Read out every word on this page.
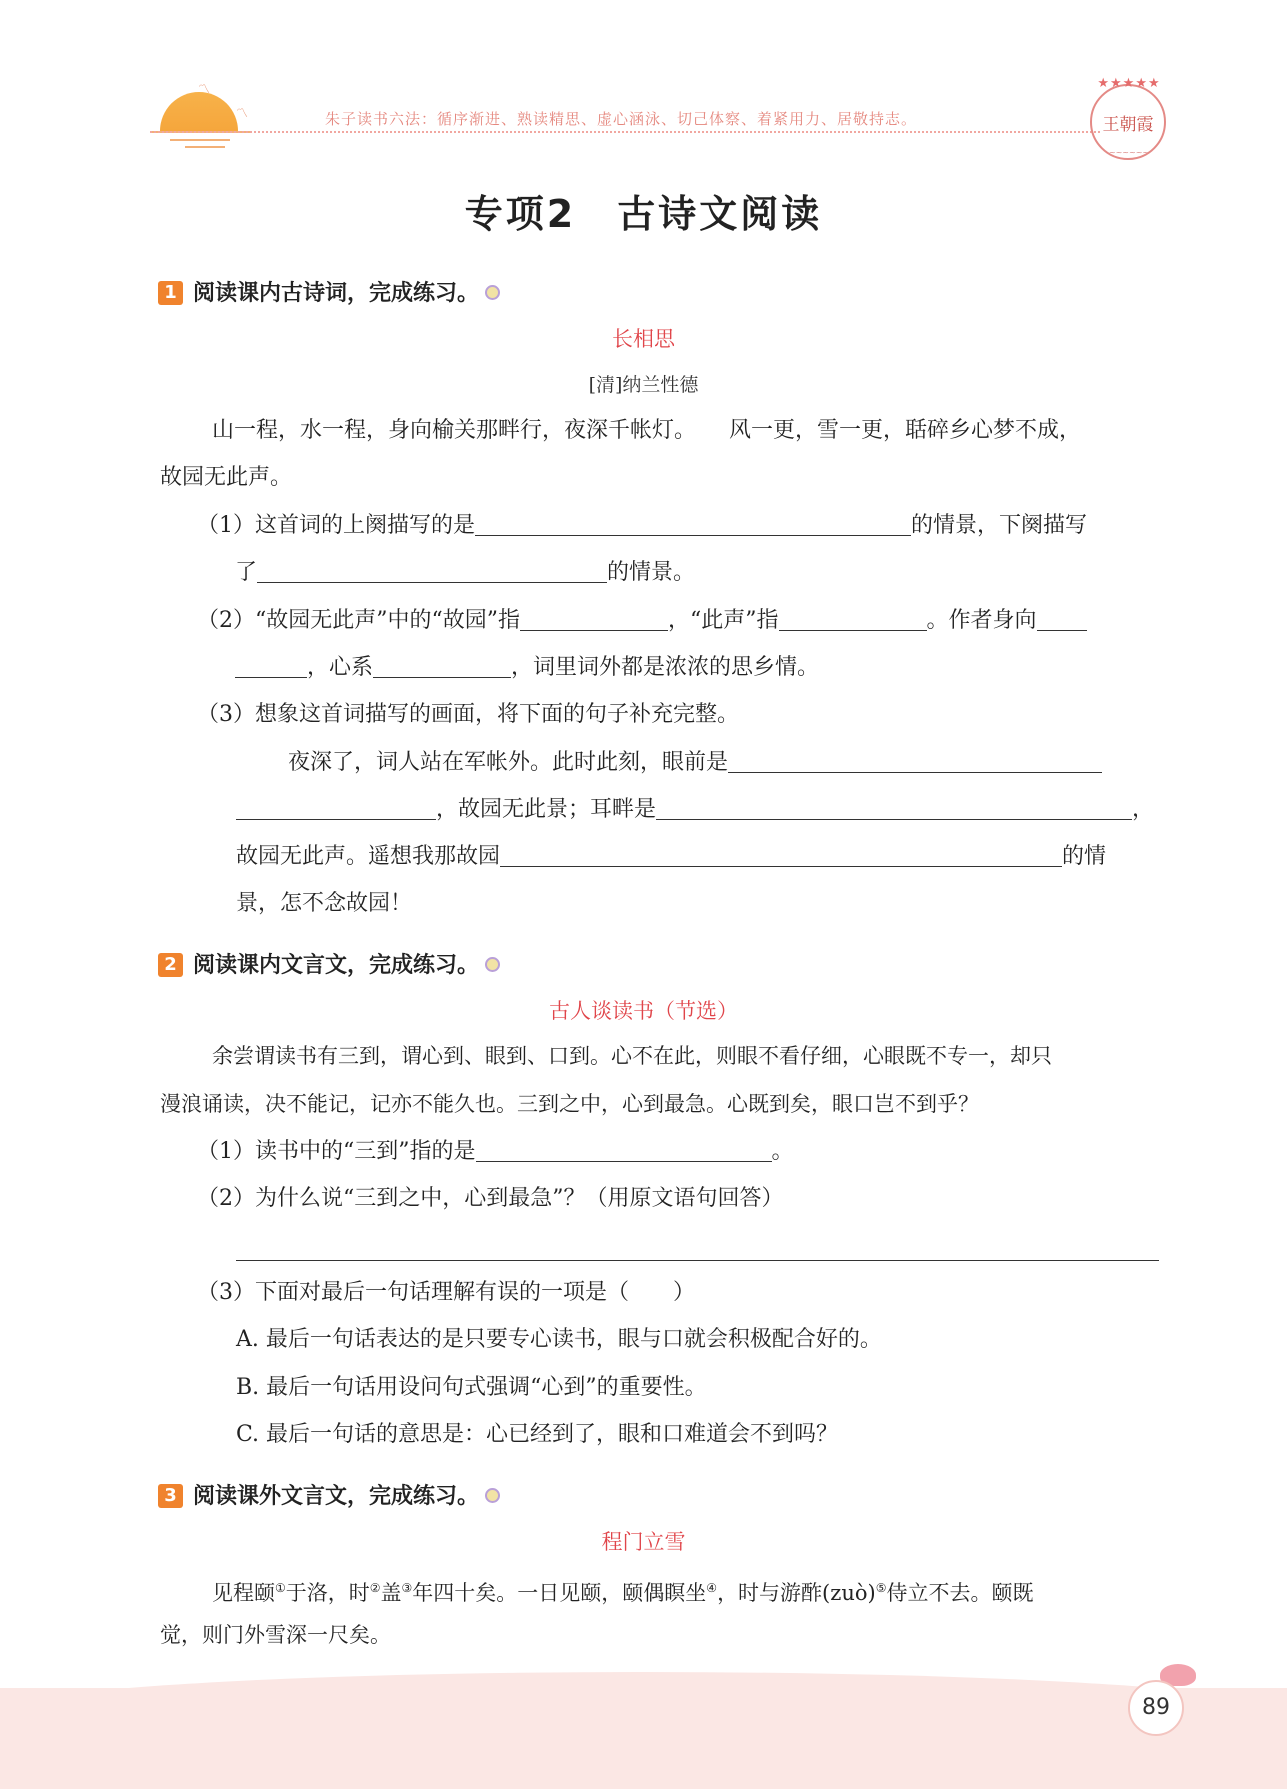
〽
〽	朱子读书六法：循序渐进、熟读精思、虚心涵泳、切己体察、着紧用力、居敬持志。
★★★★★
王朝霞
~~~~~~
专项2　古诗文阅读
1 阅读课内古诗词，完成练习。
长相思
[清]纳兰性德
山一程，水一程，身向榆关那畔行，夜深千帐灯。　　风一更，雪一更，聒碎乡心梦不成，
故园无此声。
（1）这首词的上阕描写的是	的情景，下阕描写
了	的情景。
（2）“故园无此声”中的“故园”指	，“此声”指	。作者身向
，心系	，词里词外都是浓浓的思乡情。
（3）想象这首词描写的画面，将下面的句子补充完整。
夜深了，词人站在军帐外。此时此刻，眼前是
，故园无此景；耳畔是	，
故园无此声。遥想我那故园	的情
景，怎不念故园！
2 阅读课内文言文，完成练习。
古人谈读书（节选）
余尝谓读书有三到，谓心到、眼到、口到。心不在此，则眼不看仔细，心眼既不专一，却只
漫浪诵读，决不能记，记亦不能久也。三到之中，心到最急。心既到矣，眼口岂不到乎？
（1）读书中的“三到”指的是	。
（2）为什么说“三到之中，心到最急”？（用原文语句回答）
（3）下面对最后一句话理解有误的一项是（　　）
A. 最后一句话表达的是只要专心读书，眼与口就会积极配合好的。
B. 最后一句话用设问句式强调“心到”的重要性。
C. 最后一句话的意思是：心已经到了，眼和口难道会不到吗？
3 阅读课外文言文，完成练习。
程门立雪
见程颐①于洛，时②盖③年四十矣。一日见颐，颐偶瞑坐④，时与游酢(zuò)⑤侍立不去。颐既
觉，则门外雪深一尺矣。
89
